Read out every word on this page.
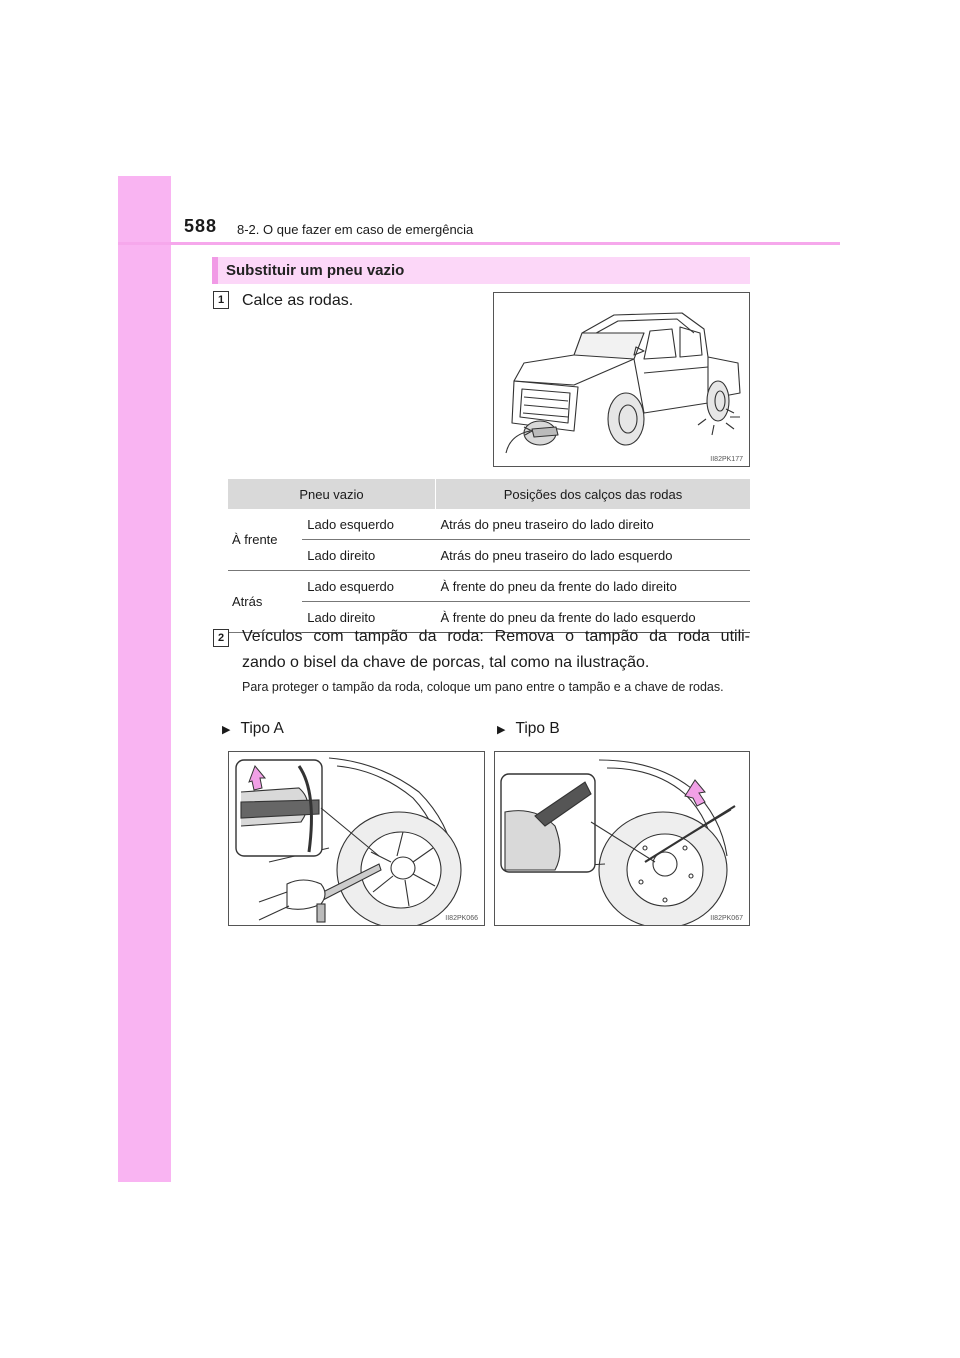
588 8-2. O que fazer em caso de emergência
Substituir um pneu vazio
1	Calce as rodas.
II82PK177
Pneu vazio		Posições dos calços das rodas
À frente	Lado esquerdo	Atrás do pneu traseiro do lado direito
	Lado direito	Atrás do pneu traseiro do lado esquerdo
Atrás	Lado esquerdo	À frente do pneu da frente do lado direito
	Lado direito	À frente do pneu da frente do lado esquerdo
2	Veículos com tampão da roda: Remova o tampão da roda utili-
zando o bisel da chave de porcas, tal como na ilustração.
Para proteger o tampão da roda, coloque um pano entre o tampão e a chave de rodas.
▶ Tipo A	▶ Tipo B
II82PK066	II82PK067
